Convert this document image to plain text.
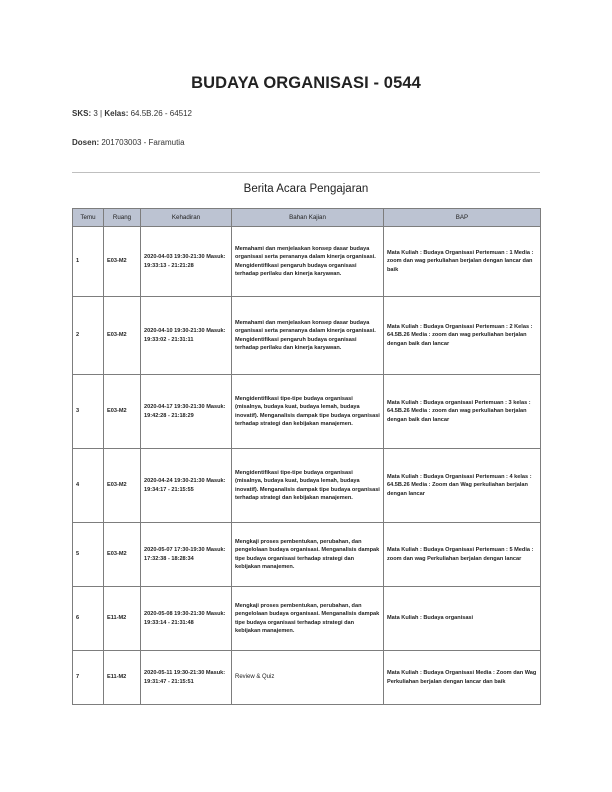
BUDAYA ORGANISASI - 0544
SKS: 3 | Kelas: 64.5B.26 - 64512
Dosen: 201703003 - Faramutia
Berita Acara Pengajaran
Temu	Ruang	Kehadiran	Bahan Kajian	BAP
1	E03-M2	2020-04-03 19:30-21:30 Masuk: 19:33:13 - 21:21:28	Memahami dan menjelaskan konsep dasar budaya organisasi serta perananya dalam kinerja organisasi. Mengidentifikasi pengaruh budaya organisasi terhadap perilaku dan kinerja karyawan.	Mata Kuliah : Budaya Organisasi Pertemuan : 1 Media : zoom dan wag perkuliahan berjalan dengan lancar dan baik
2	E03-M2	2020-04-10 19:30-21:30 Masuk: 19:33:02 - 21:31:11	Memahami dan menjelaskan konsep dasar budaya organisasi serta perananya dalam kinerja organisasi. Mengidentifikasi pengaruh budaya organisasi terhadap perilaku dan kinerja karyawan.	Mata Kuliah : Budaya Organisasi Pertemuan : 2 Kelas : 64.5B.26 Media : zoom dan wag perkuliahan berjalan dengan baik dan lancar
3	E03-M2	2020-04-17 19:30-21:30 Masuk: 19:42:28 - 21:18:29	Mengidentifikasi tipe-tipe budaya organisasi (misalnya, budaya kuat, budaya lemah, budaya inovatif). Menganalisis dampak tipe budaya organisasi terhadap strategi dan kebijakan manajemen.	Mata Kuliah : Budaya organisasi Pertemuan : 3 kelas : 64.5B.26 Media : zoom dan wag perkuliahan berjalan dengan baik dan lancar
4	E03-M2	2020-04-24 19:30-21:30 Masuk: 19:34:17 - 21:15:55	Mengidentifikasi tipe-tipe budaya organisasi (misalnya, budaya kuat, budaya lemah, budaya inovatif). Menganalisis dampak tipe budaya organisasi terhadap strategi dan kebijakan manajemen.	Mata Kuliah : Budaya Organisasi Pertemuan : 4 kelas : 64.5B.26 Media : Zoom dan Wag perkuliahan berjalan dengan lancar
5	E03-M2	2020-05-07 17:30-19:30 Masuk: 17:32:38 - 18:28:34	Mengkaji proses pembentukan, perubahan, dan pengelolaan budaya organisasi. Menganalisis dampak tipe budaya organisasi terhadap strategi dan kebijakan manajemen.	Mata Kuliah : Budaya Organisasi Pertemuan : 5 Media : zoom dan wag Perkuliahan berjalan dengan lancar
6	E11-M2	2020-05-08 19:30-21:30 Masuk: 19:33:14 - 21:31:48	Mengkaji proses pembentukan, perubahan, dan pengelolaan budaya organisasi. Menganalisis dampak tipe budaya organisasi terhadap strategi dan kebijakan manajemen.	Mata Kuliah : Budaya organisasi
7	E11-M2	2020-05-11 19:30-21:30 Masuk: 19:31:47 - 21:15:51	Review & Quiz	Mata Kuliah : Budaya Organisasi Media : Zoom dan Wag Perkuliahan berjalan dengan lancar dan baik
